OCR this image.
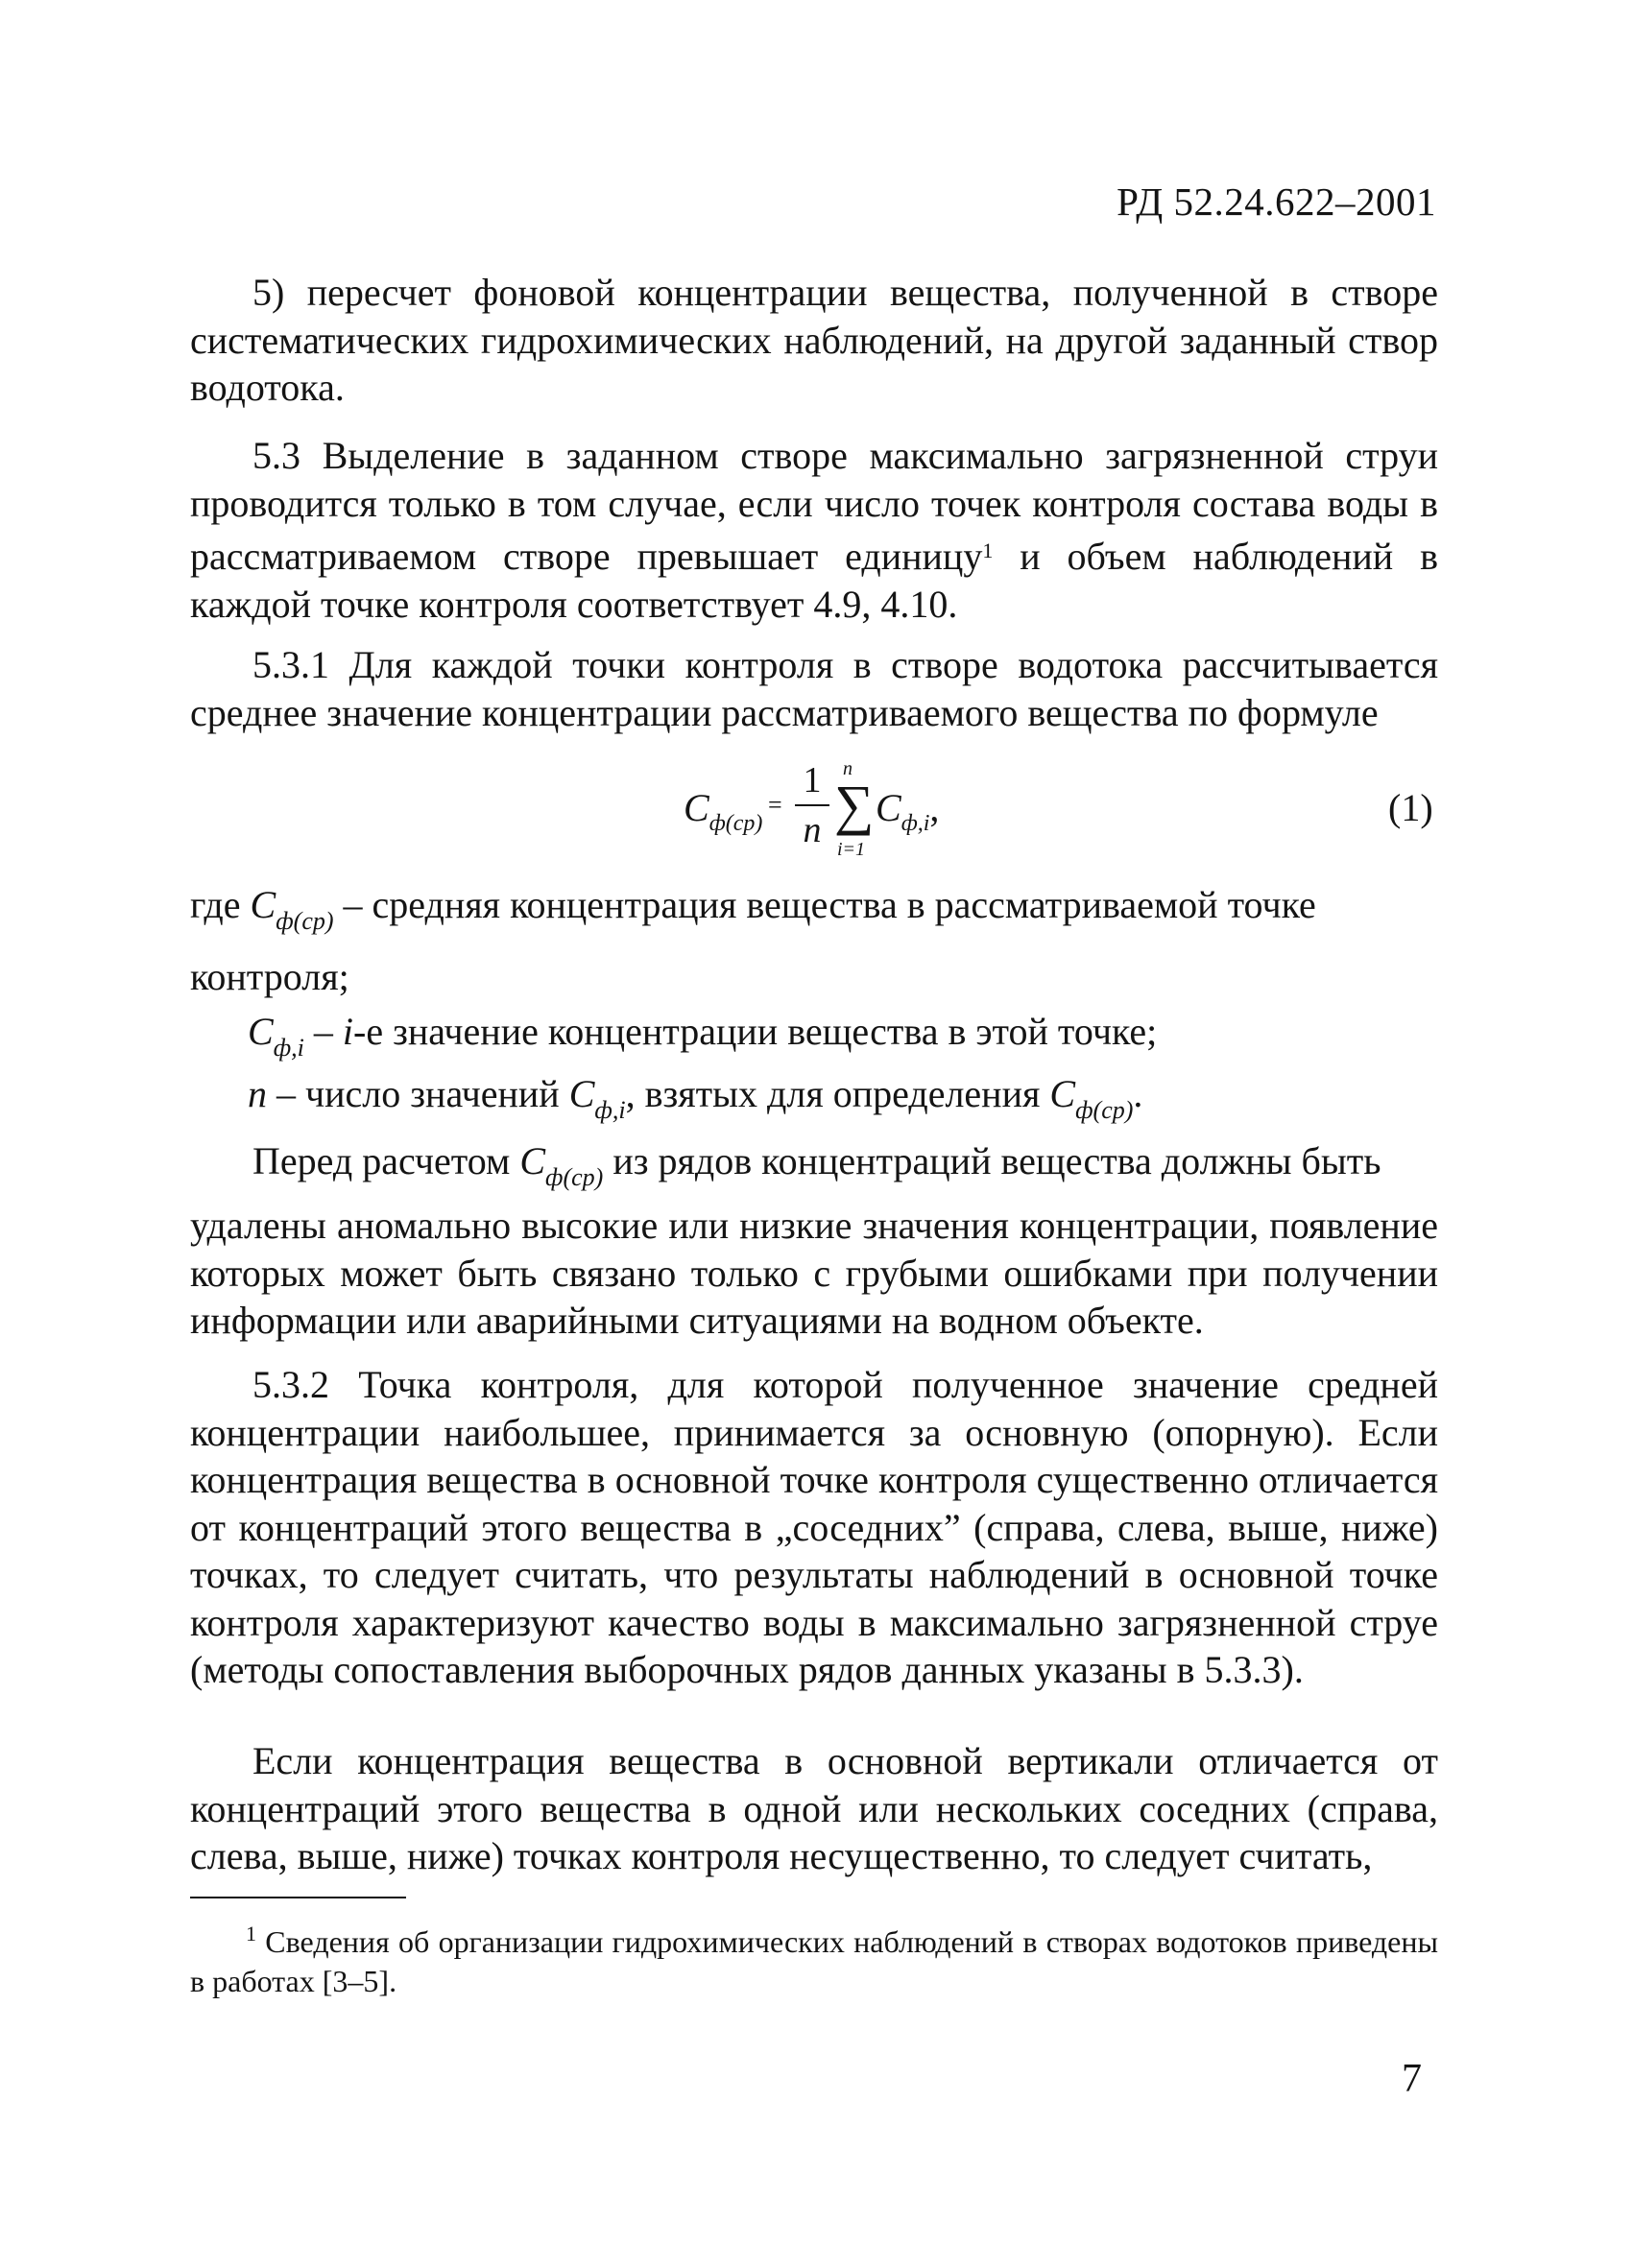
РД 52.24.622–2001

5) пересчет фоновой концентрации вещества, полученной в створе систематических гидрохимических наблюдений, на другой заданный створ водотока.

5.3 Выделение в заданном створе максимально загрязненной струи проводится только в том случае, если число точек контроля состава воды в рассматриваемом створе превышает единицу$^1$ и объем наблюдений в каждой точке контроля соответствует 4.9, 4.10.

5.3.1 Для каждой точки контроля в створе водотока рассчитывается среднее значение концентрации рассматриваемого вещества по формуле

$C_{ф(ср)}$
=
1
n
n
∑
i=1
$C_{ф,i}$,	(1)

где $C_{ф(ср)}$ – средняя концентрация вещества в рассматриваемой точке

контроля;

$C_{ф,i} - i-е$ значение концентрации вещества в этой точке;

n – число значений $C_{ф,i}$, взятых для определения $C_{ф(ср)}$.

Перед расчетом $C_{ф(ср)}$ из рядов концентраций вещества должны быть

удалены аномально высокие или низкие значения концентрации, появление которых может быть связано только с грубыми ошибками при получении информации или аварийными ситуациями на водном объекте.

5.3.2 Точка контроля, для которой полученное значение средней концентрации наибольшее, принимается за основную (опорную). Если концентрация вещества в основной точке контроля существенно отличается от концентраций этого вещества в „соседних” (справа, слева, выше, ниже) точках, то следует считать, что результаты наблюдений в основной точке контроля характеризуют качество воды в максимально загрязненной струе (методы сопоставления выборочных рядов данных указаны в 5.3.3).

Если концентрация вещества в основной вертикали отличается от концентраций этого вещества в одной или нескольких соседних (справа, слева, выше, ниже) точках контроля несущественно, то следует считать,

$^1$ Сведения об организации гидрохимических наблюдений в створах водотоков приведены в работах [3–5].

7
